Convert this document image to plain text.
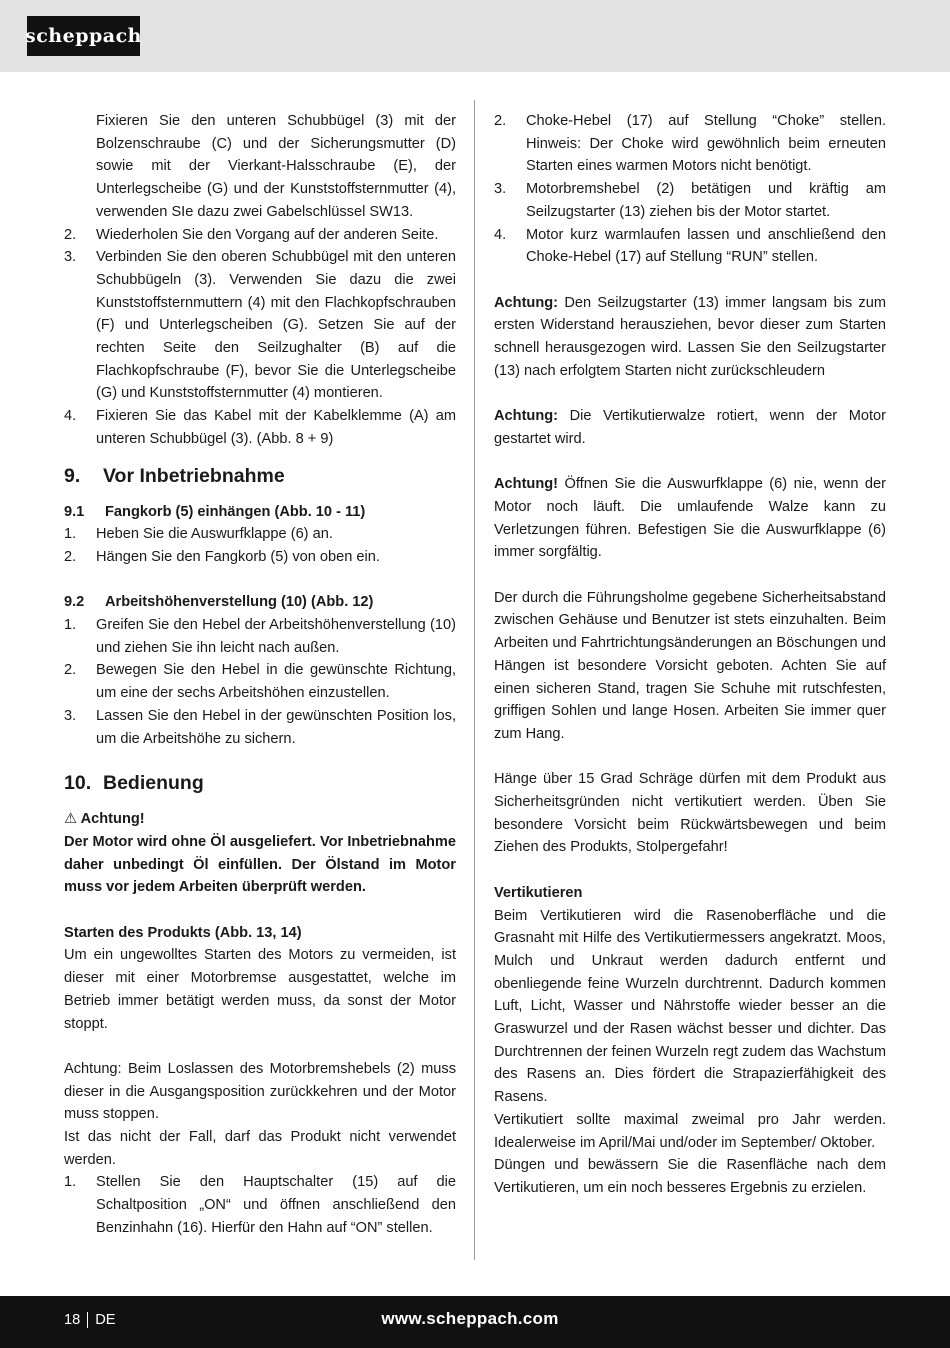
scheppach

Fixieren Sie den unteren Schubbügel (3) mit der Bolzenschraube (C) und der Sicherungsmutter (D) sowie mit der Vierkant-Halsschraube (E), der Unterlegscheibe (G) und der Kunststoffsternmutter (4), verwenden SIe dazu zwei Gabelschlüssel SW13.

2.	Wiederholen Sie den Vorgang auf der anderen Seite.
3.	Verbinden Sie den oberen Schubbügel mit den unteren Schubbügeln (3). Verwenden Sie dazu die zwei Kunststoffsternmuttern (4) mit den Flachkopfschrauben (F) und Unterlegscheiben (G). Setzen Sie auf der rechten Seite den Seilzughalter (B) auf die Flachkopfschraube (F), bevor Sie die Unterlegscheibe (G) und Kunststoffsternmutter (4) montieren.
4.	Fixieren Sie das Kabel mit der Kabelklemme (A) am unteren Schubbügel (3). (Abb. 8 + 9)
9.	Vor Inbetriebnahme
9.1	Fangkorb (5) einhängen (Abb. 10 - 11)
1.	Heben Sie die Auswurfklappe (6) an.
2.	Hängen Sie den Fangkorb (5) von oben ein.
9.2	Arbeitshöhenverstellung (10) (Abb. 12)
1.	Greifen Sie den Hebel der Arbeitshöhenverstellung (10) und ziehen Sie ihn leicht nach außen.
2.	Bewegen Sie den Hebel in die gewünschte Richtung, um eine der sechs Arbeitshöhen einzustellen.
3.	Lassen Sie den Hebel in der gewünschten Position los, um die Arbeitshöhe zu sichern.
10. Bedienung

⚠ Achtung!

Der Motor wird ohne Öl ausgeliefert. Vor Inbetriebnahme daher unbedingt Öl einfüllen. Der Ölstand im Motor muss vor jedem Arbeiten überprüft werden.

Starten des Produkts (Abb. 13, 14)

Um ein ungewolltes Starten des Motors zu vermeiden, ist dieser mit einer Motorbremse ausgestattet, welche im Betrieb immer betätigt werden muss, da sonst der Motor stoppt.

Achtung: Beim Loslassen des Motorbremshebels (2) muss dieser in die Ausgangsposition zurückkehren und der Motor muss stoppen.

Ist das nicht der Fall, darf das Produkt nicht verwendet werden.

1.	Stellen Sie den Hauptschalter (15) auf die Schaltposition „ON“ und öffnen anschließend den Benzinhahn (16). Hierfür den Hahn auf “ON” stellen.
2.	Choke-Hebel (17) auf Stellung “Choke” stellen. Hinweis: Der Choke wird gewöhnlich beim erneuten Starten eines warmen Motors nicht benötigt.
3.	Motorbremshebel (2) betätigen und kräftig am Seilzugstarter (13) ziehen bis der Motor startet.
4.	Motor kurz warmlaufen lassen und anschließend den Choke-Hebel (17) auf Stellung “RUN” stellen.

Achtung: Den Seilzugstarter (13) immer langsam bis zum ersten Widerstand herausziehen, bevor dieser zum Starten schnell herausgezogen wird. Lassen Sie den Seilzugstarter (13) nach erfolgtem Starten nicht zurückschleudern

Achtung: Die Vertikutierwalze rotiert, wenn der Motor gestartet wird.

Achtung! Öffnen Sie die Auswurfklappe (6) nie, wenn der Motor noch läuft. Die umlaufende Walze kann zu Verletzungen führen. Befestigen Sie die Auswurfklappe (6) immer sorgfältig.

Der durch die Führungsholme gegebene Sicherheitsabstand zwischen Gehäuse und Benutzer ist stets einzuhalten. Beim Arbeiten und Fahrtrichtungsänderungen an Böschungen und Hängen ist besondere Vorsicht geboten. Achten Sie auf einen sicheren Stand, tragen Sie Schuhe mit rutschfesten, griffigen Sohlen und lange Hosen. Arbeiten Sie immer quer zum Hang.

Hänge über 15 Grad Schräge dürfen mit dem Produkt aus Sicherheitsgründen nicht vertikutiert werden. Üben Sie besondere Vorsicht beim Rückwärtsbewegen und beim Ziehen des Produkts, Stolpergefahr!

Vertikutieren

Beim Vertikutieren wird die Rasenoberfläche und die Grasnaht mit Hilfe des Vertikutiermessers angekratzt. Moos, Mulch und Unkraut werden dadurch entfernt und obenliegende feine Wurzeln durchtrennt. Dadurch kommen Luft, Licht, Wasser und Nährstoffe wieder besser an die Graswurzel und der Rasen wächst besser und dichter. Das Durchtrennen der feinen Wurzeln regt zudem das Wachstum des Rasens an. Dies fördert die Strapazierfähigkeit des Rasens.

Vertikutiert sollte maximal zweimal pro Jahr werden. Idealerweise im April/Mai und/oder im September/ Oktober.

Düngen und bewässern Sie die Rasenfläche nach dem Vertikutieren, um ein noch besseres Ergebnis zu erzielen.

18 DE	www.scheppach.com
